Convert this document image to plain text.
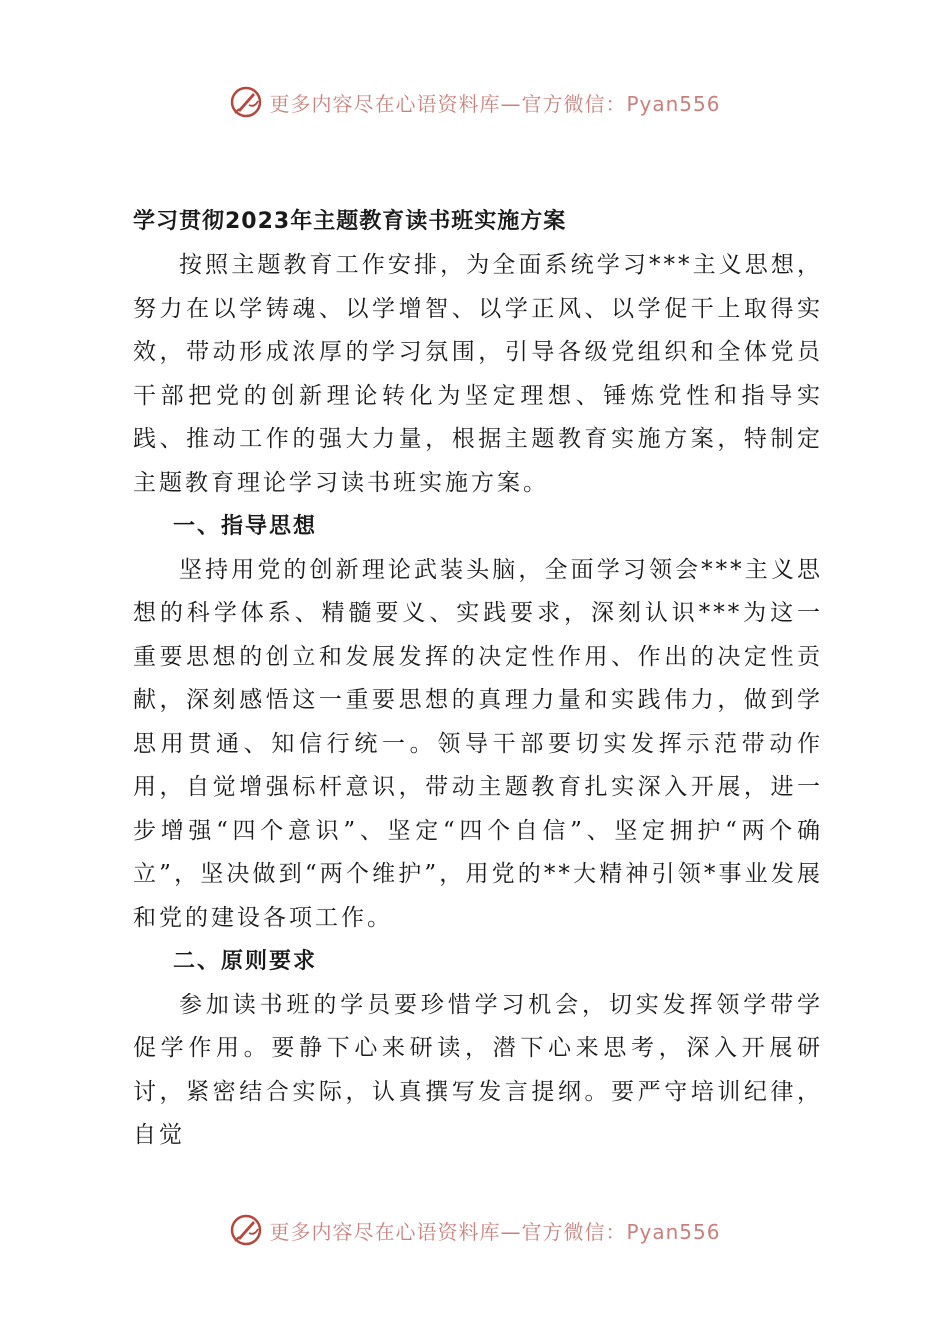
更多内容尽在心语资料库—官方微信：Pyan556
学习贯彻2023年主题教育读书班实施方案

按照主题教育工作安排，为全面系统学习***主义思想，努力在以学铸魂、以学增智、以学正风、以学促干上取得实效，带动形成浓厚的学习氛围，引导各级党组织和全体党员干部把党的创新理论转化为坚定理想、锤炼党性和指导实践、推动工作的强大力量，根据主题教育实施方案，特制定主题教育理论学习读书班实施方案。

一、指导思想

坚持用党的创新理论武装头脑，全面学习领会***主义思想的科学体系、精髓要义、实践要求，深刻认识***为这一重要思想的创立和发展发挥的决定性作用、作出的决定性贡献，深刻感悟这一重要思想的真理力量和实践伟力，做到学思用贯通、知信行统一。领导干部要切实发挥示范带动作用，自觉增强标杆意识，带动主题教育扎实深入开展，进一步增强“四个意识”、坚定“四个自信”、坚定拥护“两个确立”，坚决做到“两个维护”，用党的**大精神引领*事业发展和党的建设各项工作。

二、原则要求

参加读书班的学员要珍惜学习机会，切实发挥领学带学促学作用。要静下心来研读，潜下心来思考，深入开展研讨，紧密结合实际，认真撰写发言提纲。要严守培训纪律，自觉

更多内容尽在心语资料库—官方微信：Pyan556
